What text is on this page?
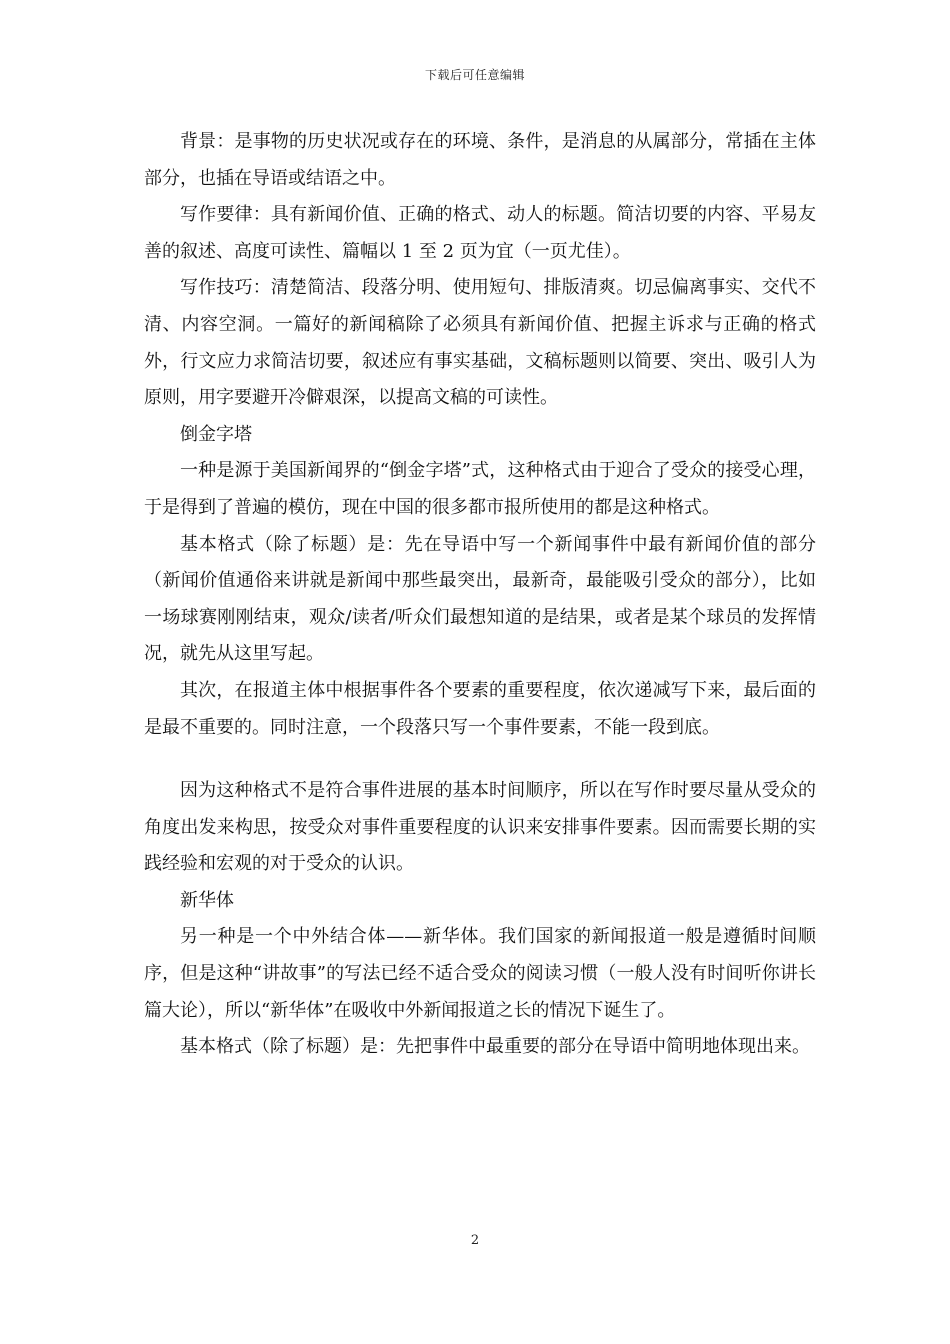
下载后可任意编辑

背景：是事物的历史状况或存在的环境、条件，是消息的从属部分，常插在主体部分，也插在导语或结语之中。

写作要律：具有新闻价值、正确的格式、动人的标题。简洁切要的内容、平易友善的叙述、高度可读性、篇幅以 1 至 2 页为宜（一页尤佳）。

写作技巧：清楚简洁、段落分明、使用短句、排版清爽。切忌偏离事实、交代不清、内容空洞。一篇好的新闻稿除了必须具有新闻价值、把握主诉求与正确的格式外，行文应力求简洁切要，叙述应有事实基础，文稿标题则以简要、突出、吸引人为原则，用字要避开冷僻艰深，以提高文稿的可读性。

倒金字塔

一种是源于美国新闻界的“倒金字塔”式，这种格式由于迎合了受众的接受心理，于是得到了普遍的模仿，现在中国的很多都市报所使用的都是这种格式。

基本格式（除了标题）是：先在导语中写一个新闻事件中最有新闻价值的部分（新闻价值通俗来讲就是新闻中那些最突出，最新奇，最能吸引受众的部分），比如一场球赛刚刚结束，观众/读者/听众们最想知道的是结果，或者是某个球员的发挥情况，就先从这里写起。

其次，在报道主体中根据事件各个要素的重要程度，依次递减写下来，最后面的是最不重要的。同时注意，一个段落只写一个事件要素，不能一段到底。

因为这种格式不是符合事件进展的基本时间顺序，所以在写作时要尽量从受众的角度出发来构思，按受众对事件重要程度的认识来安排事件要素。因而需要长期的实践经验和宏观的对于受众的认识。

新华体

另一种是一个中外结合体——新华体。我们国家的新闻报道一般是遵循时间顺序，但是这种“讲故事”的写法已经不适合受众的阅读习惯（一般人没有时间听你讲长篇大论），所以“新华体”在吸收中外新闻报道之长的情况下诞生了。

基本格式（除了标题）是：先把事件中最重要的部分在导语中简明地体现出来。

2
